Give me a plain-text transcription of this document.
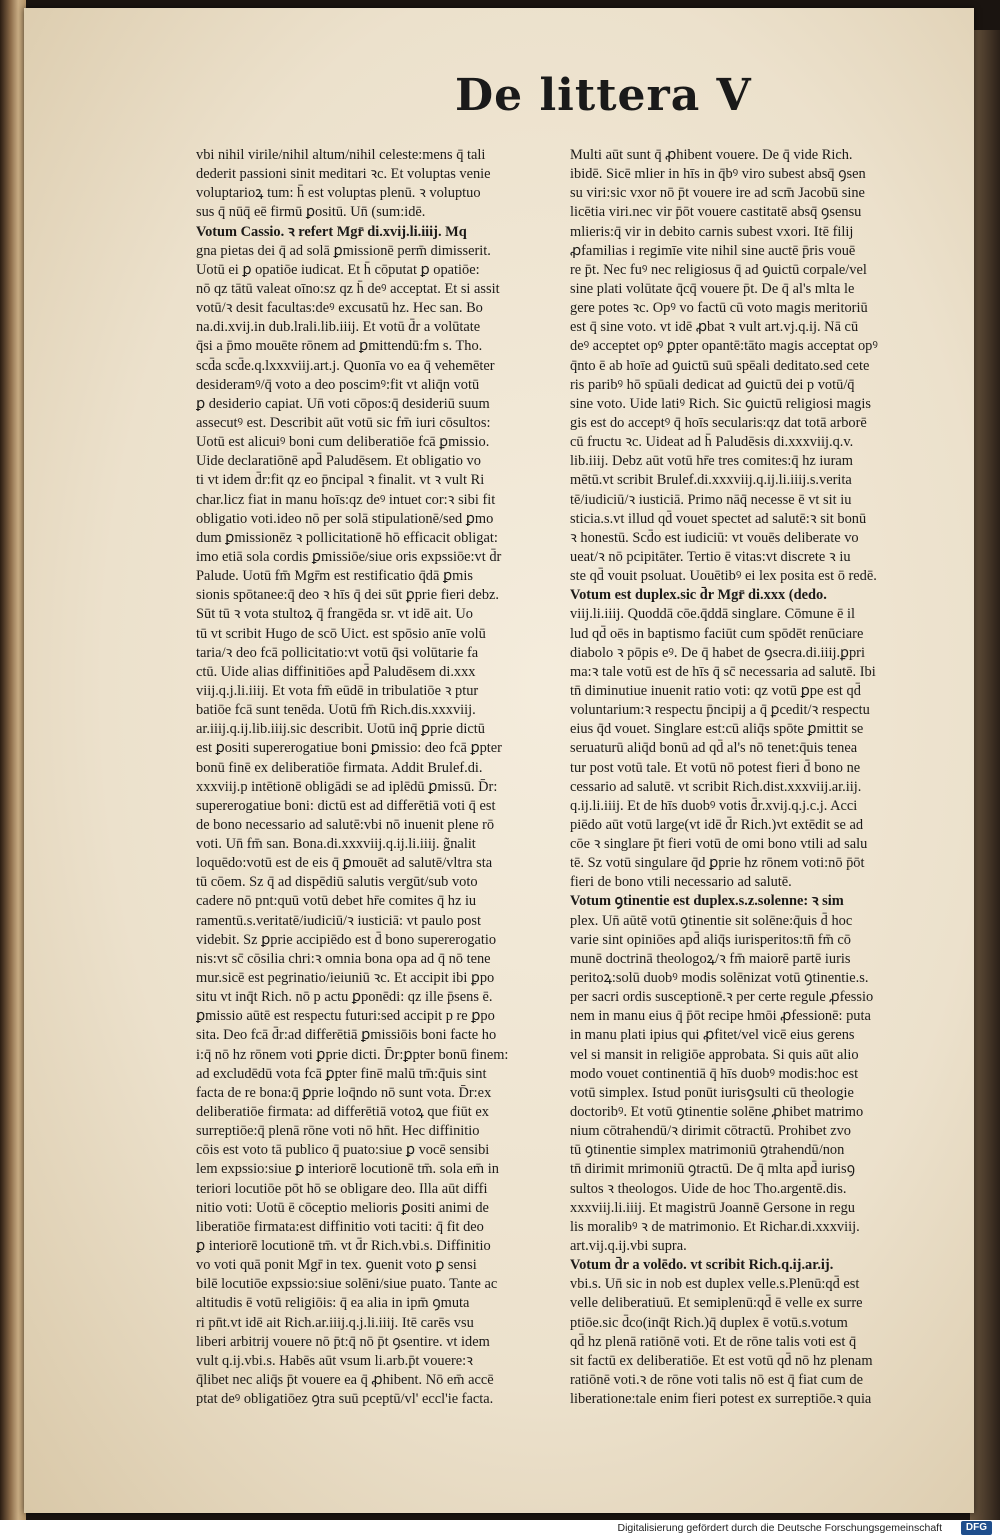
De littera V
vbi nihil virile/nihil altum/nihil celeste:mens q̄ tali
dederit passioni sinit meditari ꝛc. Et voluptas venie
voluptarioꝝ tum: h̄ est voluptas plenū. ꝛ voluptuo
sus q̄ nūq̄ eē firmū ꝑositū. Un̄ (sum:idē.
Votum Cassio. ꝛ refert Mgr̄ di.xvij.li.iiij. Mq
gna pietas dei q̄ ad solā ꝑmissionē perm̄ dimisserit.
Uotū ei ꝑ opatiōe iudicat. Et h̄ cōputat ꝑ opatiōe:
nō qz tātū valeat oīno:sz qz h̄ deꝰ acceptat. Et si assit
votū/ꝛ desit facultas:deꝰ excusatū hz. Hec san. Bo
na.di.xvij.in dub.lrali.lib.iiij. Et votū d̄r a volūtate
q̄si a p̄mo mouēte rōnem ad ꝑmittendū:fm s. Tho.
scd̄a scd̄e.q.lxxxviij.art.j. Quonīa vo ea q̄ vehemēter
desideramꝰ/q̄ voto a deo poscimꝰ:fit vt aliq̄n votū
ꝑ desiderio capiat. Un̄ voti cōpos:q̄ desideriū suum
assecutꝰ est. Describit aūt votū sic fm̄ iuri cōsultos:
Uotū est alicuiꝰ boni cum deliberatiōe fcā ꝑmissio.
Uide declaratiōnē apd̄ Paludēsem. Et obligatio vo
ti vt idem d̄r:fit qz eo p̄ncipal ꝛ finalit. vt ꝛ vult Ri
char.licz fiat in manu hoīs:qz deꝰ intuet cor:ꝛ sibi fit
obligatio voti.ideo nō per solā stipulationē/sed ꝑmo
dum ꝑmissionēz ꝛ pollicitationē hō efficacit obligat:
imo etiā sola cordis ꝑmissiōe/siue oris expssiōe:vt d̄r
Palude. Uotū fm̄ Mgr̄m est restificatio q̄dā ꝑmis
sionis spōtanee:q̄ deo ꝛ hīs q̄ dei sūt ꝑprie fieri debz.
Sūt tū ꝛ vota stultoꝝ q̄ frangēda sr. vt idē ait. Uo
tū vt scribit Hugo de scō Uict. est spōsio anīe volū
taria/ꝛ deo fcā pollicitatio:vt votū q̄si volūtarie fa
ctū. Uide alias diffinitiōes apd̄ Paludēsem di.xxx
viij.q.j.li.iiij. Et vota fm̄ eūdē in tribulatiōe ꝛ ptur
batiōe fcā sunt tenēda. Uotū fm̄ Rich.dis.xxxviij.
ar.iiij.q.ij.lib.iiij.sic describit. Uotū inq̄ ꝑprie dictū
est ꝑositi supererogatiue boni ꝑmissio: deo fcā ꝑpter
bonū finē ex deliberatiōe firmata. Addit Brulef.di.
xxxviij.p intētionē obligādi se ad iplēdū ꝑmissū. D̄r:
supererogatiue boni: dictū est ad differētiā voti q̄ est
de bono necessario ad salutē:vbi nō inuenit plene rō
voti. Un̄ fm̄ san. Bona.di.xxxviij.q.ij.li.iiij. g̃nalit
loquēdo:votū est de eis q̄ ꝑmouēt ad salutē/vltra sta
tū cōem. Sz q̄ ad dispēdiū salutis vergūt/sub voto
cadere nō pnt:quū votū debet hr̄e comites q̄ hz iu
ramentū.s.veritatē/iudiciū/ꝛ iusticiā: vt paulo post
videbit. Sz ꝑprie accipiēdo est d̄ bono supererogatio
nis:vt sc̄ cōsilia chri:ꝛ omnia bona opa ad q̄ nō tene
mur.sicē est pegrinatio/ieiuniū ꝛc. Et accipit ibi ꝑpo
situ vt inq̄t Rich. nō p actu ꝑponēdi: qz ille p̄sens ē.
ꝑmissio aūtē est respectu futuri:sed accipit p re ꝑpo
sita. Deo fcā d̄r:ad differētiā ꝑmissiōis boni facte ho
i:q̄ nō hz rōnem voti ꝑprie dicti. D̄r:ꝑpter bonū finem:
ad excludēdū vota fcā ꝑpter finē malū tm̄:q̄uis sint
facta de re bona:q̄ ꝑprie loq̄ndo nō sunt vota. D̄r:ex
deliberatiōe firmata: ad differētiā votoꝝ que fiūt ex
surreptiōe:q̄ plenā rōne voti nō hn̄t. Hec diffinitio
cōis est voto tā publico q̄ puato:siue ꝑ vocē sensibi
lem expssio:siue ꝑ interiorē locutionē tm̄. sola em̄ in
teriori locutiōe pōt hō se obligare deo. Illa aūt diffi
nitio voti: Uotū ē cōceptio melioris ꝑositi animi de
liberatiōe firmata:est diffinitio voti taciti: q̄ fit deo
ꝑ interiorē locutionē tm̄. vt d̄r Rich.vbi.s. Diffinitio
vo voti quā ponit Mgr̄ in tex. ꝯuenit voto ꝑ sensi
bilē locutiōe expssio:siue solēni/siue puato. Tante ac
altitudis ē votū religiōis: q̄ ea alia in ipm̄ ꝯmuta
ri pn̄t.vt idē ait Rich.ar.iiij.q.j.li.iiij. Itē carēs vsu
liberi arbitrij vouere nō p̄t:q̄ nō p̄t ꝯsentire. vt idem
vult q.ij.vbi.s. Habēs aūt vsum li.arb.p̄t vouere:ꝛ
q̄libet nec aliq̄s p̄t vouere ea q̄ ꝓhibent. Nō em̄ accē
ptat deꝰ obligatiōez ꝯtra suū pceptū/vl' eccl'ie facta.
Multi aūt sunt q̄ ꝓhibent vouere. De q̄ vide Rich.
ibidē. Sicē mlier in hīs in q̄bꝰ viro subest absq̄ ꝯsen
su viri:sic vxor nō p̄t vouere ire ad scm̄ Jacobū sine
licētia viri.nec vir p̄ōt vouere castitatē absq̄ ꝯsensu
mlieris:q̄ vir in debito carnis subest vxori. Itē filij
ꝓfamilias i regimīe vite nihil sine auctē p̄ris vouē
re p̄t. Nec fuꝰ nec religiosus q̄ ad ꝯuictū corpale/vel
sine plati volūtate q̄cq̄ vouere p̄t. De q̄ al's mlta le
gere potes ꝛc. Opꝰ vo factū cū voto magis meritoriū
est q̄ sine voto. vt idē ꝓbat ꝛ vult art.vj.q.ij. Nā cū
deꝰ acceptet opꝰ ꝑpter opantē:tāto magis acceptat opꝰ
q̄nto ē ab hoīe ad ꝯuictū suū spēali deditato.sed cete
ris paribꝰ hō spūali dedicat ad ꝯuictū dei p votū/q̄
sine voto. Uide latiꝰ Rich. Sic ꝯuictū religiosi magis
gis est do acceptꝰ q̄ hoīs secularis:qz dat totā arborē
cū fructu ꝛc. Uideat ad h̄ Paludēsis di.xxxviij.q.v.
lib.iiij. Debz aūt votū hr̄e tres comites:q̄ hz iuram
mētū.vt scribit Brulef.di.xxxviij.q.ij.li.iiij.s.verita
tē/iudiciū/ꝛ iusticiā. Primo nāq̄ necesse ē vt sit iu
sticia.s.vt illud qd̄ vouet spectet ad salutē:ꝛ sit bonū
ꝛ honestū. Scd̄o est iudiciū: vt vouēs deliberate vo
ueat/ꝛ nō pcipitāter. Tertio ē vitas:vt discrete ꝛ iu
ste qd̄ vouit psoluat. Uouētibꝰ ei lex posita est ō redē.
Votum est duplex.sic d̄r Mgr̄ di.xxx (dedo.
viij.li.iiij. Quoddā cōe.q̄ddā singlare. Cōmune ē il
lud qd̄ oēs in baptismo faciūt cum spōdēt renūciare
diabolo ꝛ pōpis eꝰ. De q̄ habet de ꝯsecra.di.iiij.ꝑpri
ma:ꝛ tale votū est de hīs q̄ sc̄ necessaria ad salutē. Ibi
tn̄ diminutiue inuenit ratio voti: qz votū ꝑpe est qd̄
voluntarium:ꝛ respectu p̄ncipij a q̄ ꝑcedit/ꝛ respectu
eius q̄d vouet. Singlare est:cū aliq̄s spōte ꝑmittit se
seruaturū aliq̄d bonū ad qd̄ al's nō tenet:q̄uis tenea
tur post votū tale. Et votū nō potest fieri d̄ bono ne
cessario ad salutē. vt scribit Rich.dist.xxxviij.ar.iij.
q.ij.li.iiij. Et de hīs duobꝰ votis d̄r.xvij.q.j.c.j. Acci
piēdo aūt votū large(vt idē d̄r Rich.)vt extēdit se ad
cōe ꝛ singlare p̄t fieri votū de omi bono vtili ad salu
tē. Sz votū singulare q̄d ꝑprie hz rōnem voti:nō p̄ōt
fieri de bono vtili necessario ad salutē.
Votum ꝯtinentie est duplex.s.z.solenne: ꝛ sim
plex. Un̄ aūtē votū ꝯtinentie sit solēne:q̄uis d̄ hoc
varie sint opiniōes apd̄ aliq̄s iurisperitos:tn̄ fm̄ cō
munē doctrinā theologoꝝ/ꝛ fm̄ maiorē partē iuris
peritoꝝ:solū duobꝰ modis solēnizat votū ꝯtinentie.s.
per sacri ordis susceptionē.ꝛ per certe regule ꝓfessio
nem in manu eius q̄ p̄ōt recipe hmōi ꝓfessionē: puta
in manu plati ipius qui ꝓfitet/vel vicē eius gerens
vel si mansit in religiōe approbata. Si quis aūt alio
modo vouet continentiā q̄ hīs duobꝰ modis:hoc est
votū simplex. Istud ponūt iurisꝯsulti cū theologie
doctoribꝰ. Et votū ꝯtinentie solēne ꝓhibet matrimo
nium cōtrahendū/ꝛ dirimit cōtractū. Prohibet zvo
tū ꝯtinentie simplex matrimoniū ꝯtrahendū/non
tn̄ dirimit mrimoniū ꝯtractū. De q̄ mlta apd̄ iurisꝯ
sultos ꝛ theologos. Uide de hoc Tho.argentē.dis.
xxxviij.li.iiij. Et magistrū Joannē Gersone in regu
lis moralibꝰ ꝛ de matrimonio. Et Richar.di.xxxviij.
art.vij.q.ij.vbi supra.
Votum d̄r a volēdo. vt scribit Rich.q.ij.ar.ij.
vbi.s. Un̄ sic in nob est duplex velle.s.Plenū:qd̄ est
velle deliberatiuū. Et semiplenū:qd̄ ē velle ex surre
ptiōe.sic d̄co(inq̄t Rich.)q̄ duplex ē votū.s.votum
qd̄ hz plenā ratiōnē voti. Et de rōne talis voti est q̄
sit factū ex deliberatiōe. Et est votū qd̄ nō hz plenam
ratiōnē voti.ꝛ de rōne voti talis nō est q̄ fiat cum de
liberatione:tale enim fieri potest ex surreptiōe.ꝛ quia
Digitalisierung gefördert durch die Deutsche Forschungsgemeinschaft	DFG
